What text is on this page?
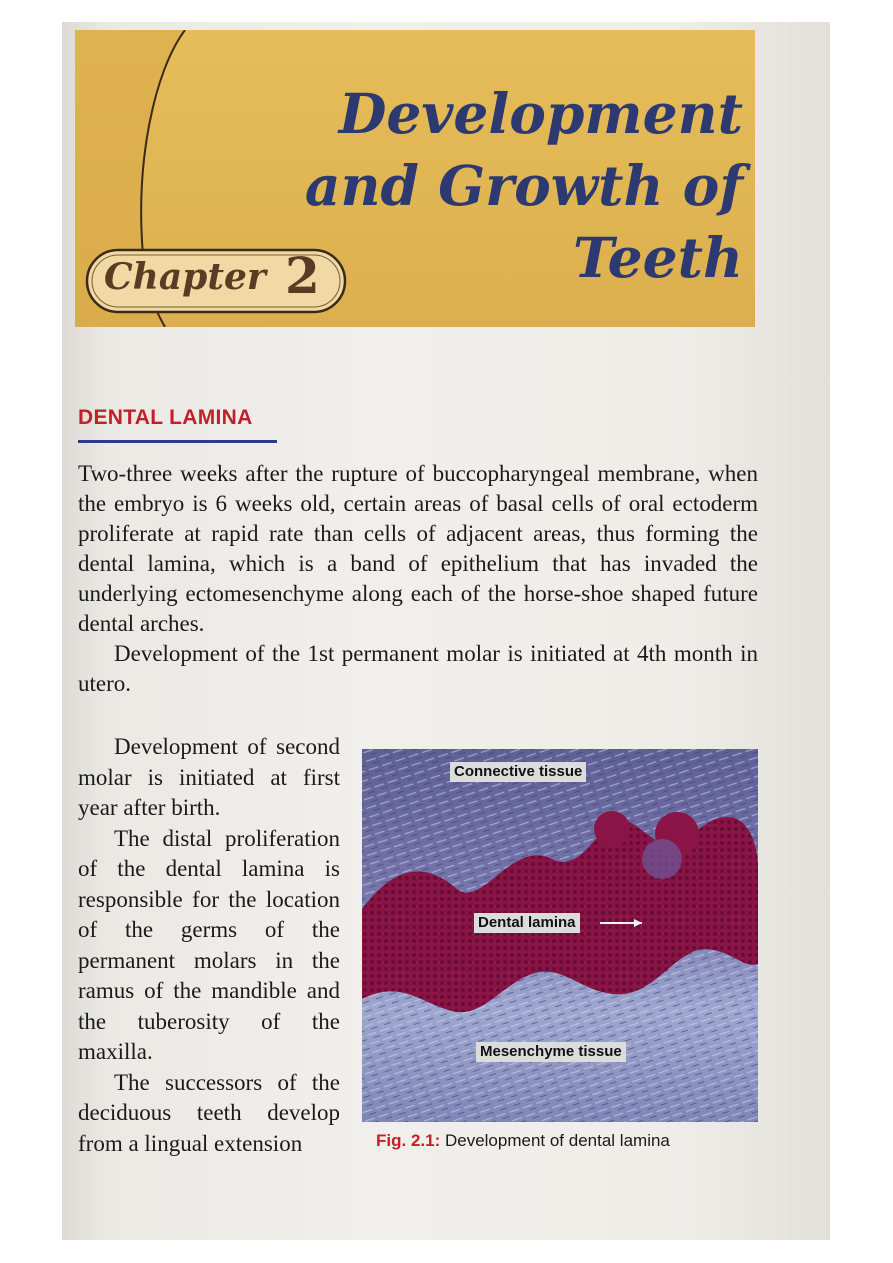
Development
and Growth of
Teeth
Chapter 2
DENTAL LAMINA

Two-three weeks after the rupture of buccopharyngeal membrane, when the embryo is 6 weeks old, certain areas of basal cells of oral ectoderm proliferate at rapid rate than cells of adjacent areas, thus forming the dental lamina, which is a band of epithelium that has invaded the underlying ectomesenchyme along each of the horse-shoe shaped future dental arches.

Development of the 1st permanent molar is initiated at 4th month in utero.

Development of second molar is initiated at first year after birth.

The distal proliferation of the dental lamina is responsible for the location of the germs of the permanent molars in the ramus of the mandible and the tuberosity of the maxilla.

The successors of the deciduous teeth develop from a lingual extension

Connective tissue
Dental lamina
Mesenchyme tissue
Fig. 2.1: Development of dental lamina
